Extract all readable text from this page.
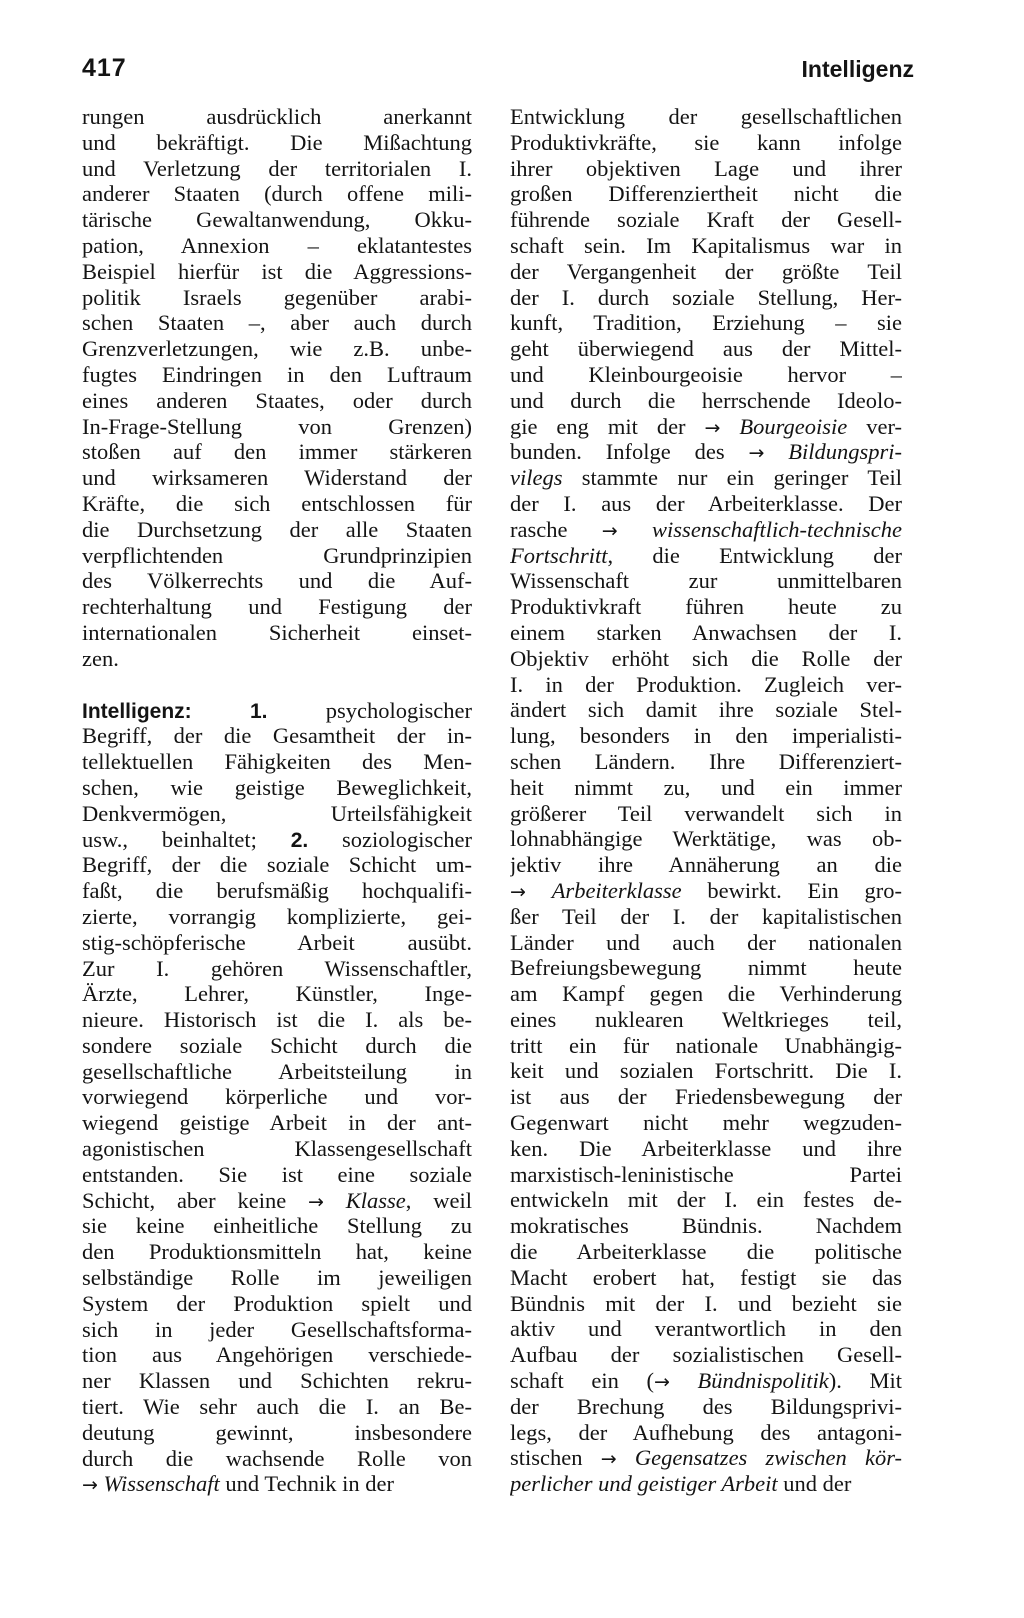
417	Intelligenz
rungen ausdrücklich anerkannt
und bekräftigt. Die Mißachtung
und Verletzung der territorialen I.
anderer Staaten (durch offene mili-
tärische Gewaltanwendung, Okku-
pation, Annexion – eklatantestes
Beispiel hierfür ist die Aggressions-
politik Israels gegenüber arabi-
schen Staaten –, aber auch durch
Grenzverletzungen, wie z.B. unbe-
fugtes Eindringen in den Luftraum
eines anderen Staates, oder durch
In-Frage-Stellung von Grenzen)
stoßen auf den immer stärkeren
und wirksameren Widerstand der
Kräfte, die sich entschlossen für
die Durchsetzung der alle Staaten
verpflichtenden Grundprinzipien
des Völkerrechts und die Auf-
rechterhaltung und Festigung der
internationalen Sicherheit einset-
zen.
Intelligenz:	1. psychologischer
Begriff, der die Gesamtheit der in-
tellektuellen Fähigkeiten des Men-
schen, wie geistige Beweglichkeit,
Denkvermögen, Urteilsfähigkeit
usw., beinhaltet; 2. soziologischer
Begriff, der die soziale Schicht um-
faßt, die berufsmäßig hochqualifi-
zierte, vorrangig komplizierte, gei-
stig-schöpferische Arbeit ausübt.
Zur I. gehören Wissenschaftler,
Ärzte, Lehrer, Künstler, Inge-
nieure. Historisch ist die I. als be-
sondere soziale Schicht durch die
gesellschaftliche Arbeitsteilung in
vorwiegend körperliche und vor-
wiegend geistige Arbeit in der ant-
agonistischen Klassengesellschaft
entstanden. Sie ist eine soziale
Schicht, aber keine → Klasse, weil
sie keine einheitliche Stellung zu
den Produktionsmitteln hat, keine
selbständige Rolle im jeweiligen
System der Produktion spielt und
sich in jeder Gesellschaftsforma-
tion aus Angehörigen verschiede-
ner Klassen und Schichten rekru-
tiert. Wie sehr auch die I. an Be-
deutung gewinnt, insbesondere
durch die wachsende Rolle von
→ Wissenschaft und Technik in der
Entwicklung der gesellschaftlichen
Produktivkräfte, sie kann infolge
ihrer objektiven Lage und ihrer
großen Differenziertheit nicht die
führende soziale Kraft der Gesell-
schaft sein. Im Kapitalismus war in
der Vergangenheit der größte Teil
der I. durch soziale Stellung, Her-
kunft, Tradition, Erziehung – sie
geht überwiegend aus der Mittel-
und Kleinbourgeoisie hervor –
und durch die herrschende Ideolo-
gie eng mit der → Bourgeoisie ver-
bunden. Infolge des → Bildungspri-
vilegs stammte nur ein geringer Teil
der I. aus der Arbeiterklasse. Der
rasche → wissenschaftlich-technische
Fortschritt, die Entwicklung der
Wissenschaft zur unmittelbaren
Produktivkraft führen heute zu
einem starken Anwachsen der I.
Objektiv erhöht sich die Rolle der
I. in der Produktion. Zugleich ver-
ändert sich damit ihre soziale Stel-
lung, besonders in den imperialisti-
schen Ländern. Ihre Differenziert-
heit nimmt zu, und ein immer
größerer Teil verwandelt sich in
lohnabhängige Werktätige, was ob-
jektiv ihre Annäherung an die
→ Arbeiterklasse bewirkt. Ein gro-
ßer Teil der I. der kapitalistischen
Länder und auch der nationalen
Befreiungsbewegung nimmt heute
am Kampf gegen die Verhinderung
eines nuklearen Weltkrieges teil,
tritt ein für nationale Unabhängig-
keit und sozialen Fortschritt. Die I.
ist aus der Friedensbewegung der
Gegenwart nicht mehr wegzuden-
ken. Die Arbeiterklasse und ihre
marxistisch-leninistische Partei
entwickeln mit der I. ein festes de-
mokratisches Bündnis. Nachdem
die Arbeiterklasse die politische
Macht erobert hat, festigt sie das
Bündnis mit der I. und bezieht sie
aktiv und verantwortlich in den
Aufbau der sozialistischen Gesell-
schaft ein (→ Bündnispolitik). Mit
der Brechung des Bildungsprivi-
legs, der Aufhebung des antagoni-
stischen → Gegensatzes zwischen kör-
perlicher und geistiger Arbeit und der
